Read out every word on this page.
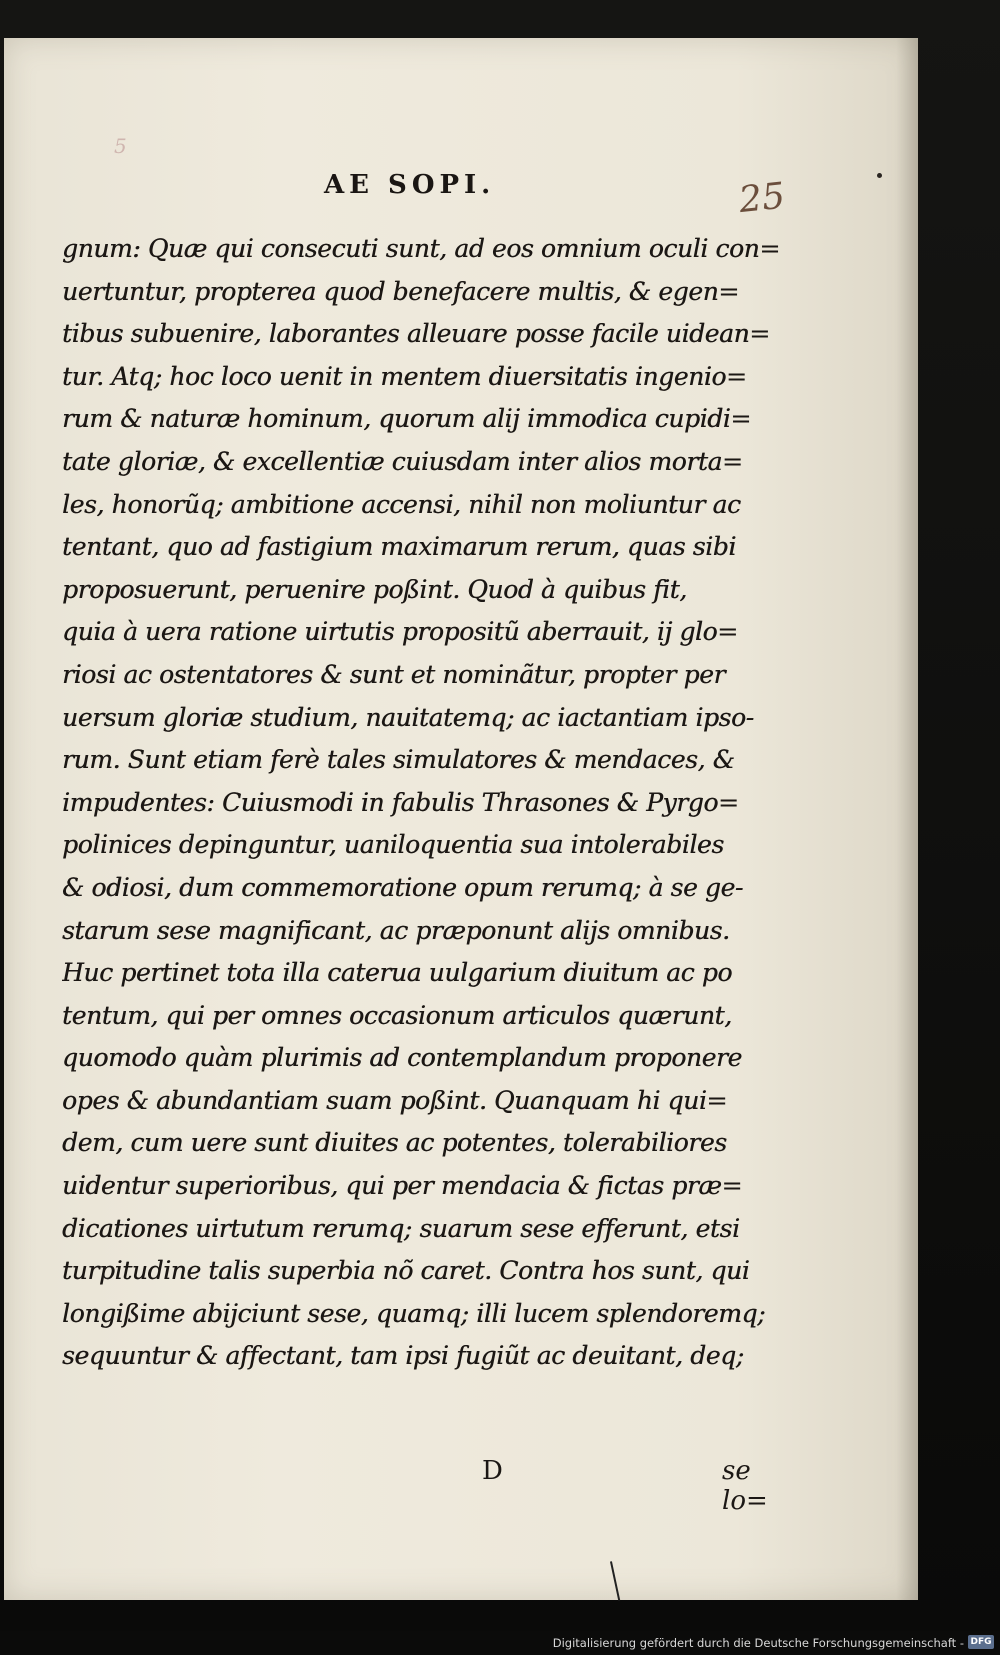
5
AE SOPI.	25
gnum: Quæ qui consecuti sunt, ad eos omnium oculi con=
uertuntur, propterea quod benefacere multis, & egen=
tibus subuenire, laborantes alleuare posse facile uidean=
tur. Atq; hoc loco uenit in mentem diuersitatis ingenio=
rum & naturæ hominum, quorum alij immodica cupidi=
tate gloriæ, & excellentiæ cuiusdam inter alios morta=
les, honorũq; ambitione accensi, nihil non moliuntur ac
tentant, quo ad fastigium maximarum rerum, quas sibi
proposuerunt, peruenire poßint. Quod à quibus fit,
quia à uera ratione uirtutis propositũ aberrauit, ij glo=
riosi ac ostentatores & sunt et nominãtur, propter per
uersum gloriæ studium, nauitatemq; ac iactantiam ipso-
rum. Sunt etiam ferè tales simulatores & mendaces, &
impudentes: Cuiusmodi in fabulis Thrasones & Pyrgo=
polinices depinguntur, uaniloquentia sua intolerabiles
& odiosi, dum commemoratione opum rerumq; à se ge-
starum sese magnificant, ac præponunt alijs omnibus.
Huc pertinet tota illa caterua uulgarium diuitum ac po
tentum, qui per omnes occasionum articulos quærunt,
quomodo quàm plurimis ad contemplandum proponere
opes & abundantiam suam poßint. Quanquam hi qui=
dem, cum uere sunt diuites ac potentes, tolerabiliores
uidentur superioribus, qui per mendacia & fictas præ=
dicationes uirtutum rerumq; suarum sese efferunt, etsi
turpitudine talis superbia nõ caret. Contra hos sunt, qui
longißime abijciunt sese, quamq; illi lucem splendoremq;
sequuntur & affectant, tam ipsi fugiũt ac deuitant, deq;
D	se lo=
Digitalisierung gefördert durch die Deutsche Forschungsgemeinschaft - DFG
